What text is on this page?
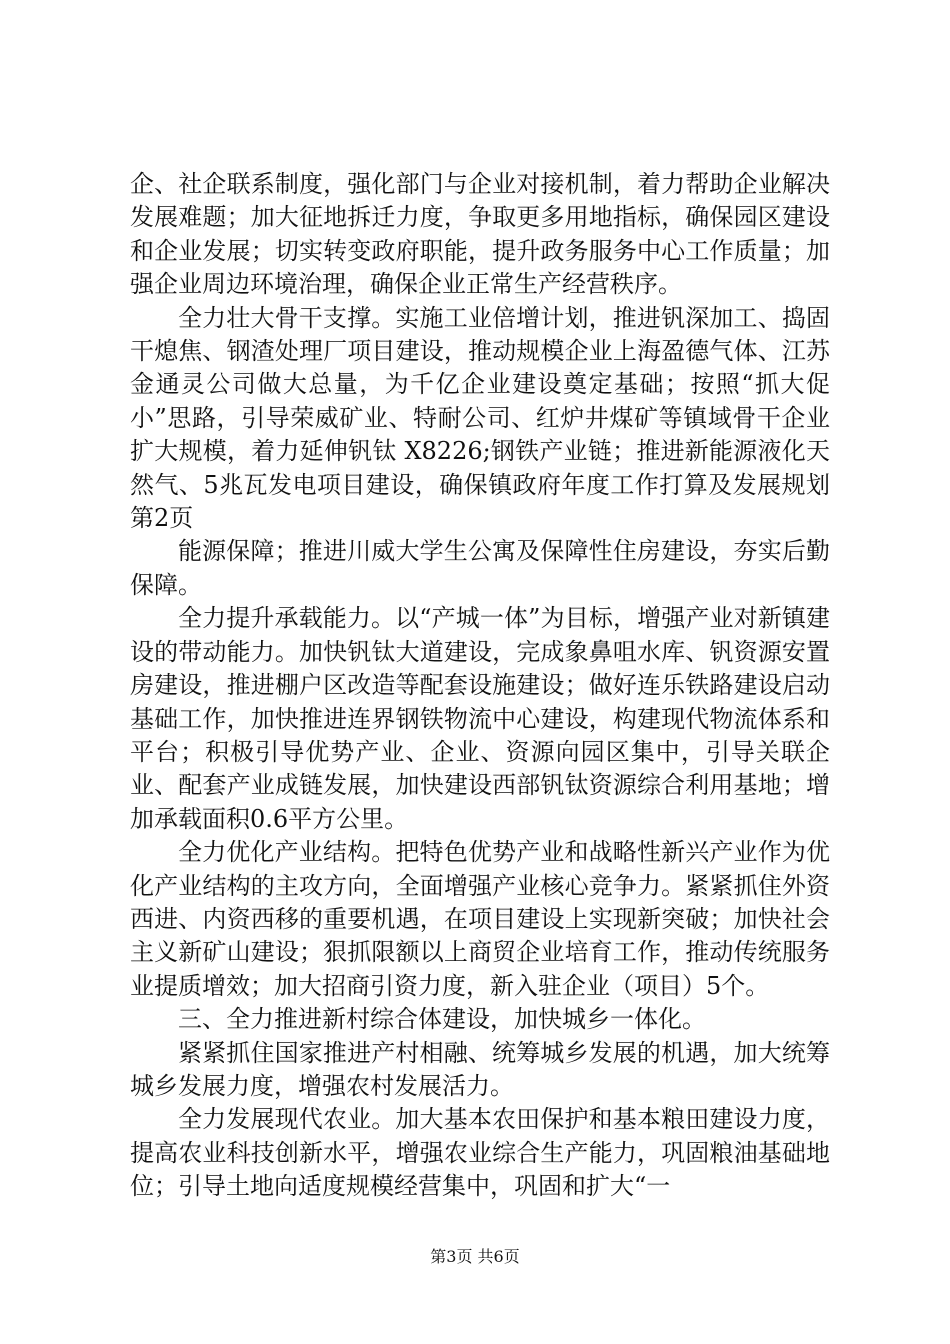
企、社企联系制度，强化部门与企业对接机制，着力帮助企业解决发展难题；加大征地拆迁力度，争取更多用地指标，确保园区建设和企业发展；切实转变政府职能，提升政务服务中心工作质量；加强企业周边环境治理，确保企业正常生产经营秩序。

全力壮大骨干支撑。实施工业倍增计划，推进钒深加工、捣固干熄焦、钢渣处理厂项目建设，推动规模企业上海盈德气体、江苏金通灵公司做大总量，为千亿企业建设奠定基础；按照“抓大促小”思路，引导荣威矿业、特耐公司、红炉井煤矿等镇域骨干企业扩大规模，着力延伸钒钛 X8226;钢铁产业链；推进新能源液化天然气、5兆瓦发电项目建设，确保镇政府年度工作打算及发展规划第2页

能源保障；推进川威大学生公寓及保障性住房建设，夯实后勤保障。

全力提升承载能力。以“产城一体”为目标，增强产业对新镇建设的带动能力。加快钒钛大道建设，完成象鼻咀水库、钒资源安置房建设，推进棚户区改造等配套设施建设；做好连乐铁路建设启动基础工作，加快推进连界钢铁物流中心建设，构建现代物流体系和平台；积极引导优势产业、企业、资源向园区集中，引导关联企业、配套产业成链发展，加快建设西部钒钛资源综合利用基地；增加承载面积0.6平方公里。

全力优化产业结构。把特色优势产业和战略性新兴产业作为优化产业结构的主攻方向，全面增强产业核心竞争力。紧紧抓住外资西进、内资西移的重要机遇，在项目建设上实现新突破；加快社会主义新矿山建设；狠抓限额以上商贸企业培育工作，推动传统服务业提质增效；加大招商引资力度，新入驻企业（项目）5个。

三、全力推进新村综合体建设，加快城乡一体化。

紧紧抓住国家推进产村相融、统筹城乡发展的机遇，加大统筹城乡发展力度，增强农村发展活力。

全力发展现代农业。加大基本农田保护和基本粮田建设力度，提高农业科技创新水平，增强农业综合生产能力，巩固粮油基础地位；引导土地向适度规模经营集中，巩固和扩大“一

第3页 共6页
